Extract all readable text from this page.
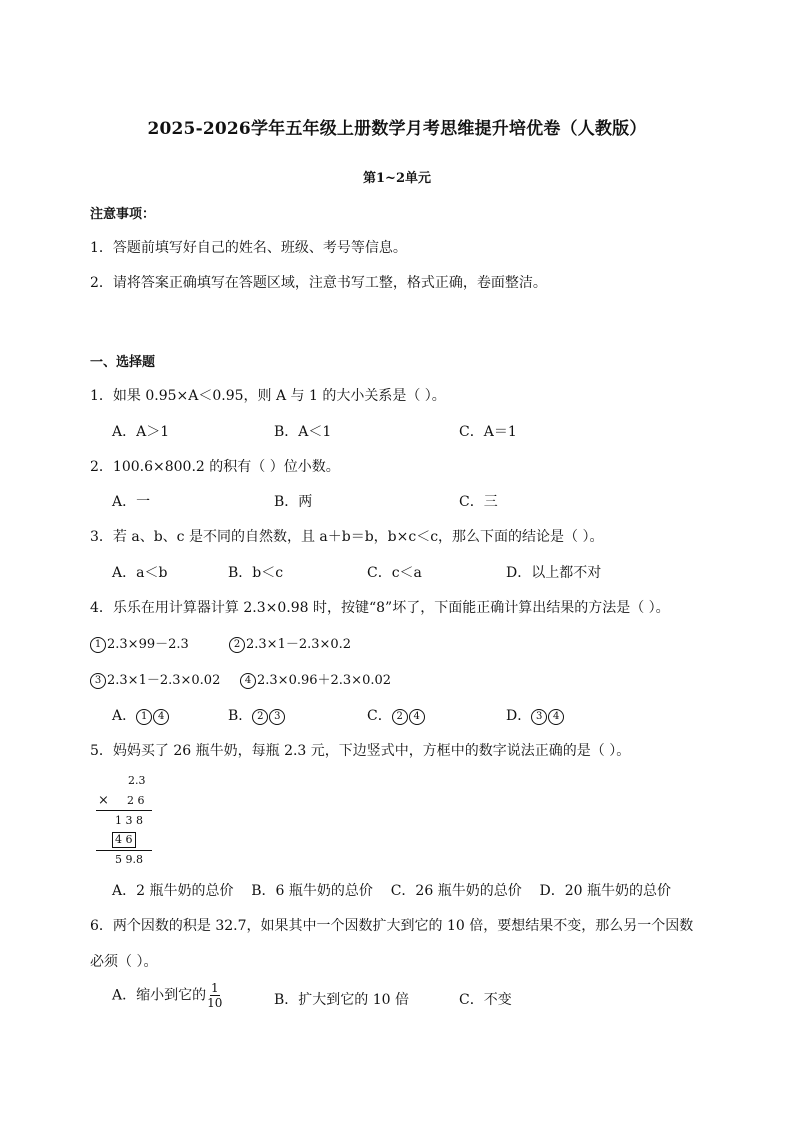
2025-2026学年五年级上册数学月考思维提升培优卷（人教版）
第1~2单元
注意事项：
1．答题前填写好自己的姓名、班级、考号等信息。
2．请将答案正确填写在答题区域，注意书写工整，格式正确，卷面整洁。
一、选择题
1．如果 0.95×A＜0.95，则 A 与 1 的大小关系是（ ）。
A．A＞1	B．A＜1	C．A＝1
2．100.6×800.2 的积有（ ）位小数。
A．一	B．两	C．三
3．若 a、b、c 是不同的自然数，且 a＋b＝b，b×c＜c，那么下面的结论是（ ）。
A．a＜b	B．b＜c	C．c＜a	D．以上都不对
4．乐乐在用计算器计算 2.3×0.98 时，按键“8”坏了，下面能正确计算出结果的方法是（ ）。
1 2.3×99－2.3	2 2.3×1－2.3×0.2
3 2.3×1－2.3×0.02	4 2.3×0.96＋2.3×0.02
A． 1 4	B． 2 3	C． 2 4	D． 3 4
5．妈妈买了 26 瓶牛奶，每瓶 2.3 元，下边竖式中，方框中的数字说法正确的是（ ）。
2.3
× 2 6
1 3 8
4 6
5 9.8
A．2 瓶牛奶的总价    B．6 瓶牛奶的总价    C．26 瓶牛奶的总价    D．20 瓶牛奶的总价
6．两个因数的积是 32.7，如果其中一个因数扩大到它的 10 倍，要想结果不变，那么另一个因数
必须（ ）。
A．缩小到它的 $\frac{1}{10}$	B．扩大到它的 10 倍	C．不变
